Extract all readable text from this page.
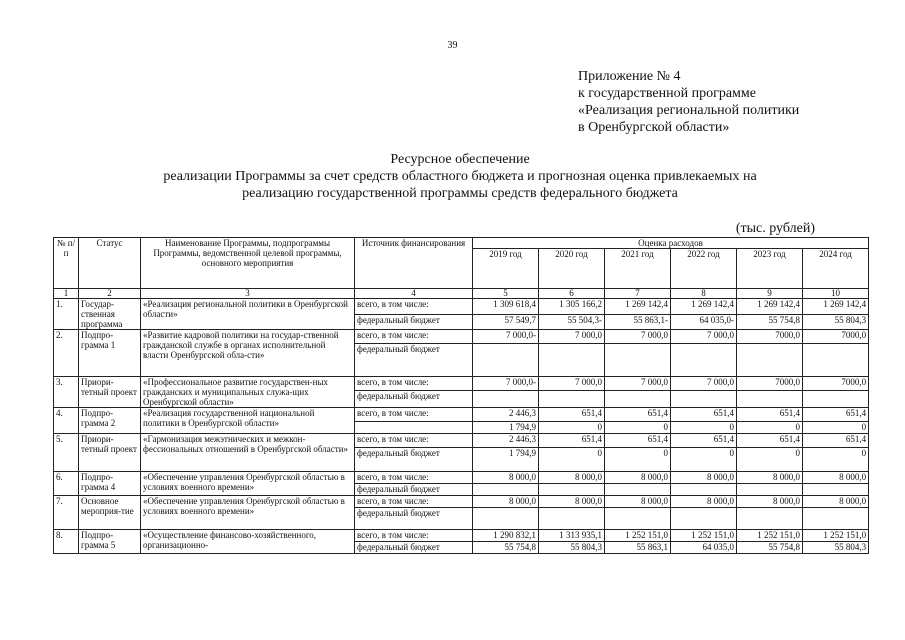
39
Приложение № 4
к государственной программе
«Реализация региональной политики
в Оренбургской области»
Ресурсное обеспечение
реализации Программы за счет средств областного бюджета и прогнозная оценка привлекаемых на
реализацию государственной программы средств федерального бюджета
(тыс. рублей)
№ п/п	Статус	Наименование Программы, подпрограммы Программы, ведомственной целевой программы, основного мероприятия	Источник финансирования	Оценка расходов					
				2019 год	2020 год	2021 год	2022 год	2023 год	2024 год
1	2	3	4	5	6	7	8	9	10
1.	Государ-ственная программа	«Реализация региональной политики в Оренбургской области»	всего, в том числе:	1 309 618,4	1 305 166,2	1 269 142,4	1 269 142,4	1 269 142,4	1 269 142,4
			федеральный бюджет	57 549,7	55 504,3-	55 863,1-	64 035,0-	55 754,8	55 804,3
2.	Подпро-грамма 1	«Развитие кадровой политики на государ-ственной гражданской службе в органах исполнительной власти Оренбургской обла-сти»	всего, в том числе:	7 000,0-	7 000,0	7 000,0	7 000,0	7000,0	7000,0
			федеральный бюджет						
3.	Приори-тетный проект	«Профессиональное развитие государствен-ных гражданских и муниципальных служа-щих Оренбургской области»	всего, в том числе:	7 000,0-	7 000,0	7 000,0	7 000,0	7000,0	7000,0
			федеральный бюджет						
4.	Подпро-грамма 2	«Реализация государственной национальной политики в Оренбургской области»	всего, в том числе:	2 446,3	651,4	651,4	651,4	651,4	651,4
				1 794,9	0	0	0	0	0
5.	Приори-тетный проект	«Гармонизация межэтнических и межкон-фессиональных отношений в Оренбургской области»	всего, в том числе:	2 446,3	651,4	651,4	651,4	651,4	651,4
			федеральный бюджет	1 794,9	0	0	0	0	0
6.	Подпро-грамма 4	«Обеспечение управления Оренбургской областью в условиях военного времени»	всего, в том числе:	8 000,0	8 000,0	8 000,0	8 000,0	8 000,0	8 000,0
			федеральный бюджет						
7.	Основное мероприя-тие	«Обеспечение управления Оренбургской областью в условиях военного времени»	всего, в том числе:	8 000,0	8 000,0	8 000,0	8 000,0	8 000,0	8 000,0
			федеральный бюджет						
8.	Подпро-грамма 5	«Осуществление финансово-хозяйственного, организационно-	всего, в том числе:	1 290 832,1	1 313 935,1	1 252 151,0	1 252 151,0	1 252 151,0	1 252 151,0
			федеральный бюджет	55 754,8	55 804,3	55 863,1	64 035,0	55 754,8	55 804,3
